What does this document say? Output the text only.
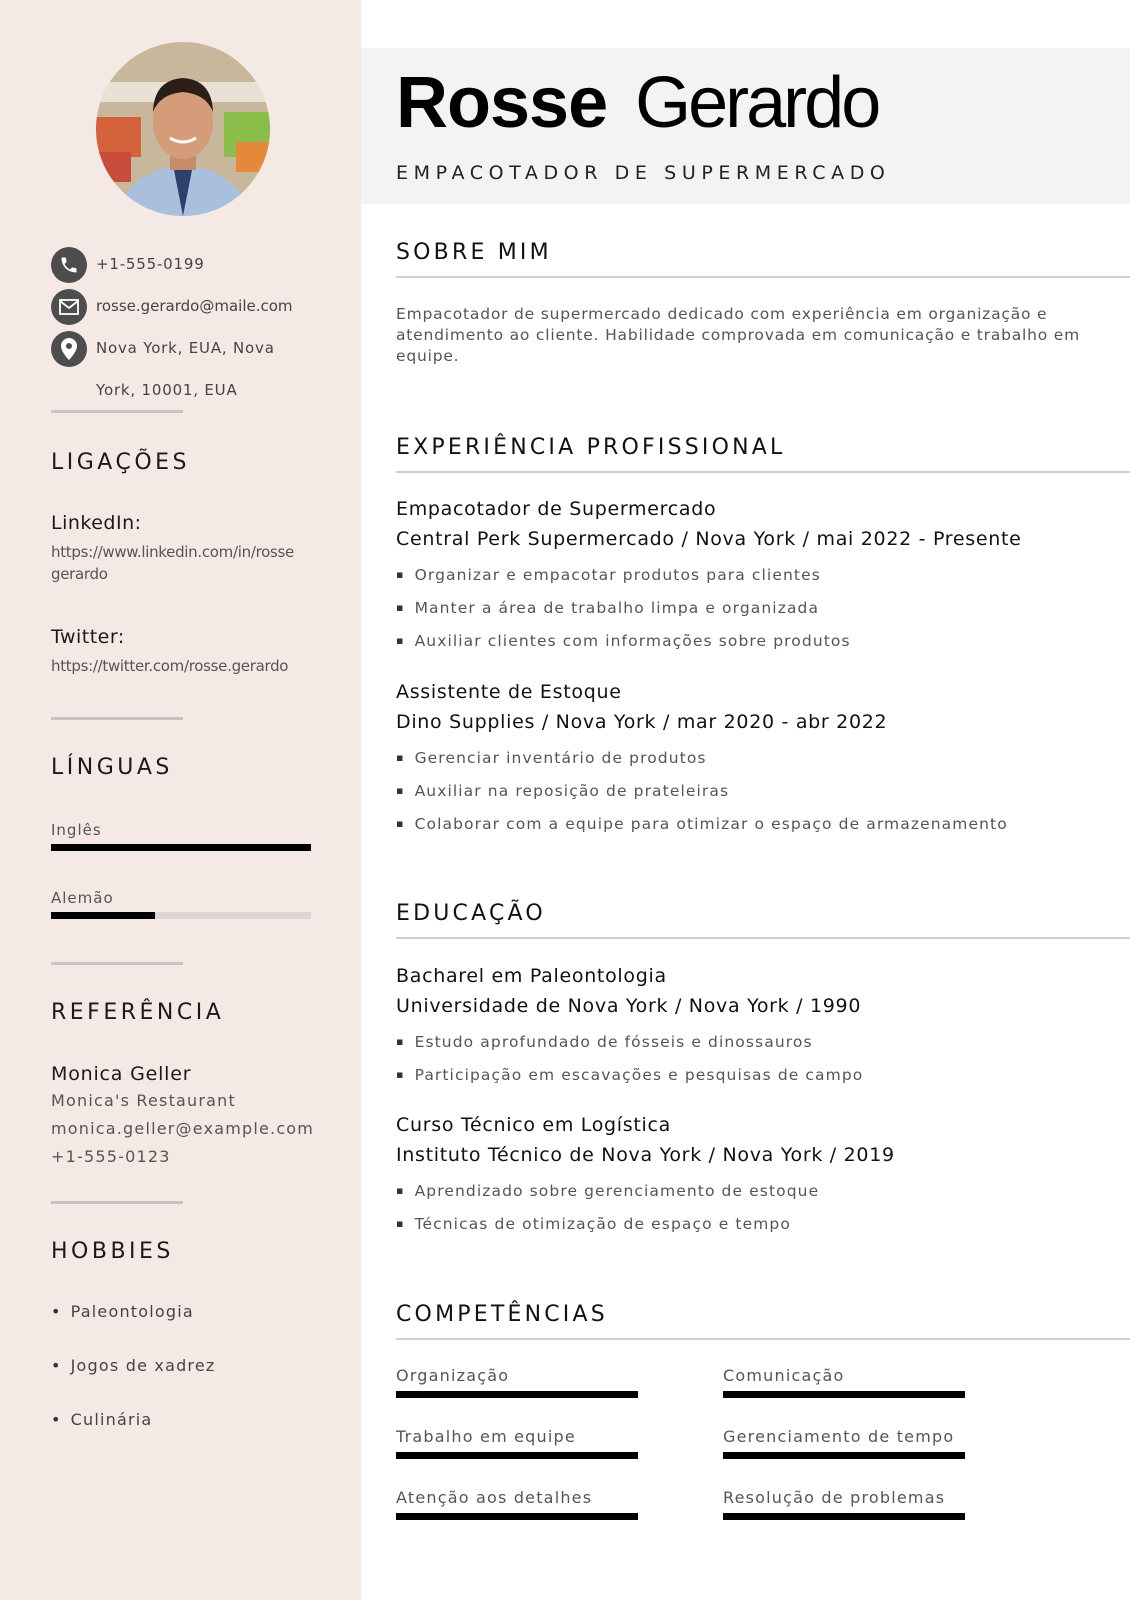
+1-555-0199
rosse.gerardo@maile.com
Nova York, EUA, Nova
York, 10001, EUA
LIGAÇÕES
LinkedIn:
https://www.linkedin.com/in/rosse gerardo
Twitter:
https://twitter.com/rosse.gerardo
LÍNGUAS
Inglês
Alemão
REFERÊNCIA
Monica Geller
Monica's Restaurant
monica.geller@example.com
+1-555-0123
HOBBIES
• Paleontologia
• Jogos de xadrez
• Culinária
Rosse Gerardo
EMPACOTADOR DE SUPERMERCADO
SOBRE MIM
Empacotador de supermercado dedicado com experiência em organização e atendimento ao cliente. Habilidade comprovada em comunicação e trabalho em equipe.
EXPERIÊNCIA PROFISSIONAL
Empacotador de Supermercado
Central Perk Supermercado / Nova York / mai 2022 - Presente
▪ Organizar e empacotar produtos para clientes
▪ Manter a área de trabalho limpa e organizada
▪ Auxiliar clientes com informações sobre produtos
Assistente de Estoque
Dino Supplies / Nova York / mar 2020 - abr 2022
▪ Gerenciar inventário de produtos
▪ Auxiliar na reposição de prateleiras
▪ Colaborar com a equipe para otimizar o espaço de armazenamento
EDUCAÇÃO
Bacharel em Paleontologia
Universidade de Nova York / Nova York / 1990
▪ Estudo aprofundado de fósseis e dinossauros
▪ Participação em escavações e pesquisas de campo
Curso Técnico em Logística
Instituto Técnico de Nova York / Nova York / 2019
▪ Aprendizado sobre gerenciamento de estoque
▪ Técnicas de otimização de espaço e tempo
COMPETÊNCIAS
Organização	Comunicação
Trabalho em equipe	Gerenciamento de tempo
Atenção aos detalhes	Resolução de problemas
